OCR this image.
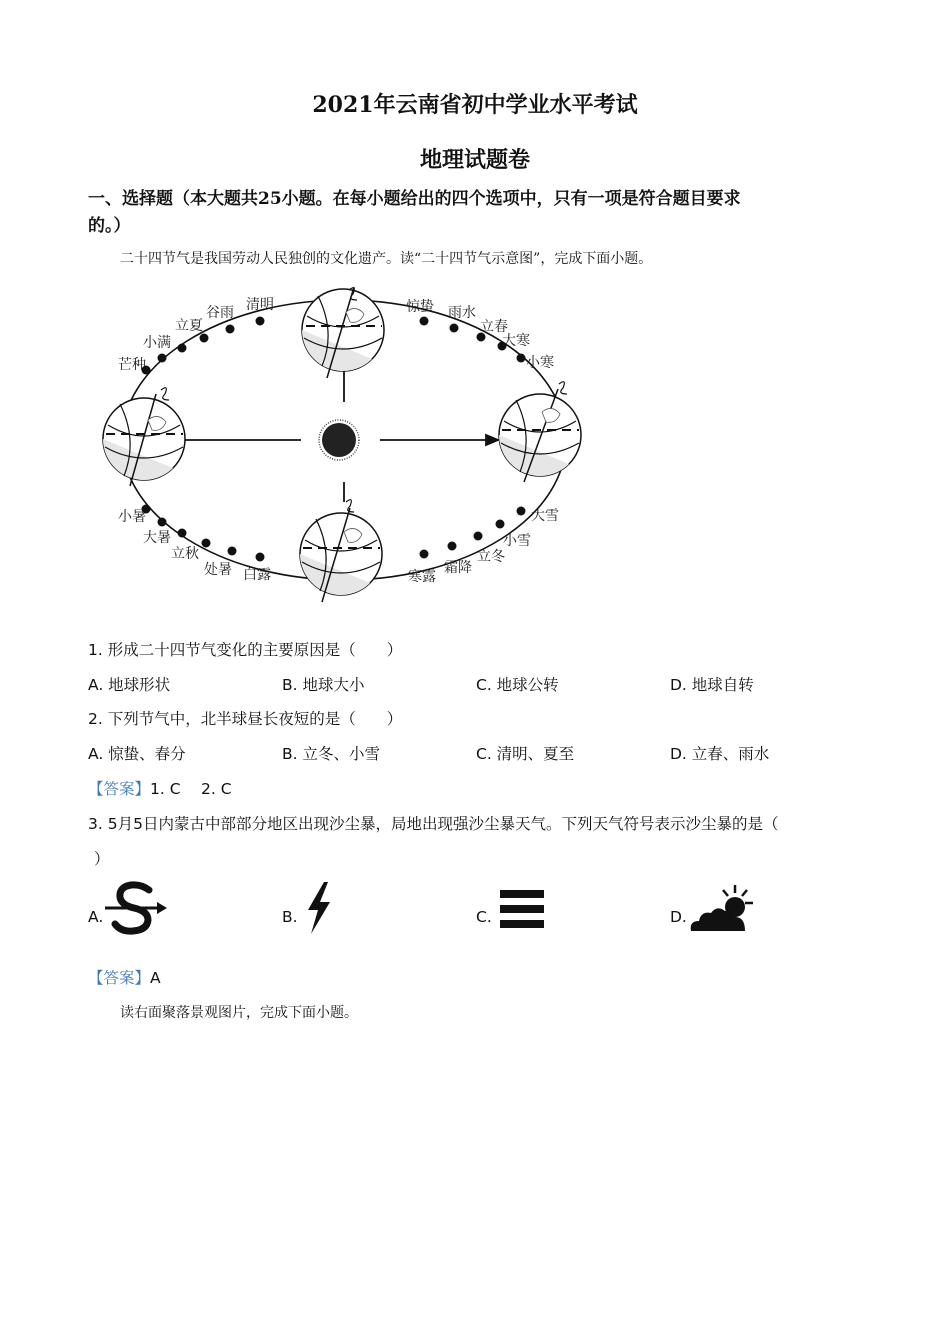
2021年云南省初中学业水平考试
地理试题卷
一、选择题（本大题共25小题。在每小题给出的四个选项中，只有一项是符合题目要求
的。）
二十四节气是我国劳动人民独创的文化遗产。读“二十四节气示意图”，完成下面小题。
清明
谷雨
立夏
小满
芒种
惊蛰 雨水
立春
大寒
小寒
小暑
大暑
立秋
处暑 白露
大雪
小雪
立冬
霜降
寒露
1. 形成二十四节气变化的主要原因是（　　）
A. 地球形状	B. 地球大小	C. 地球公转	D. 地球自转
2. 下列节气中，北半球昼长夜短的是（　　）
A. 惊蛰、春分	B. 立冬、小雪	C. 清明、夏至	D. 立春、雨水
【答案】1. C　 2. C
3. 5月5日内蒙古中部部分地区出现沙尘暴，局地出现强沙尘暴天气。下列天气符号表示沙尘暴的是（
）
A.	B.	C.	D.
【答案】A
读右面聚落景观图片，完成下面小题。
